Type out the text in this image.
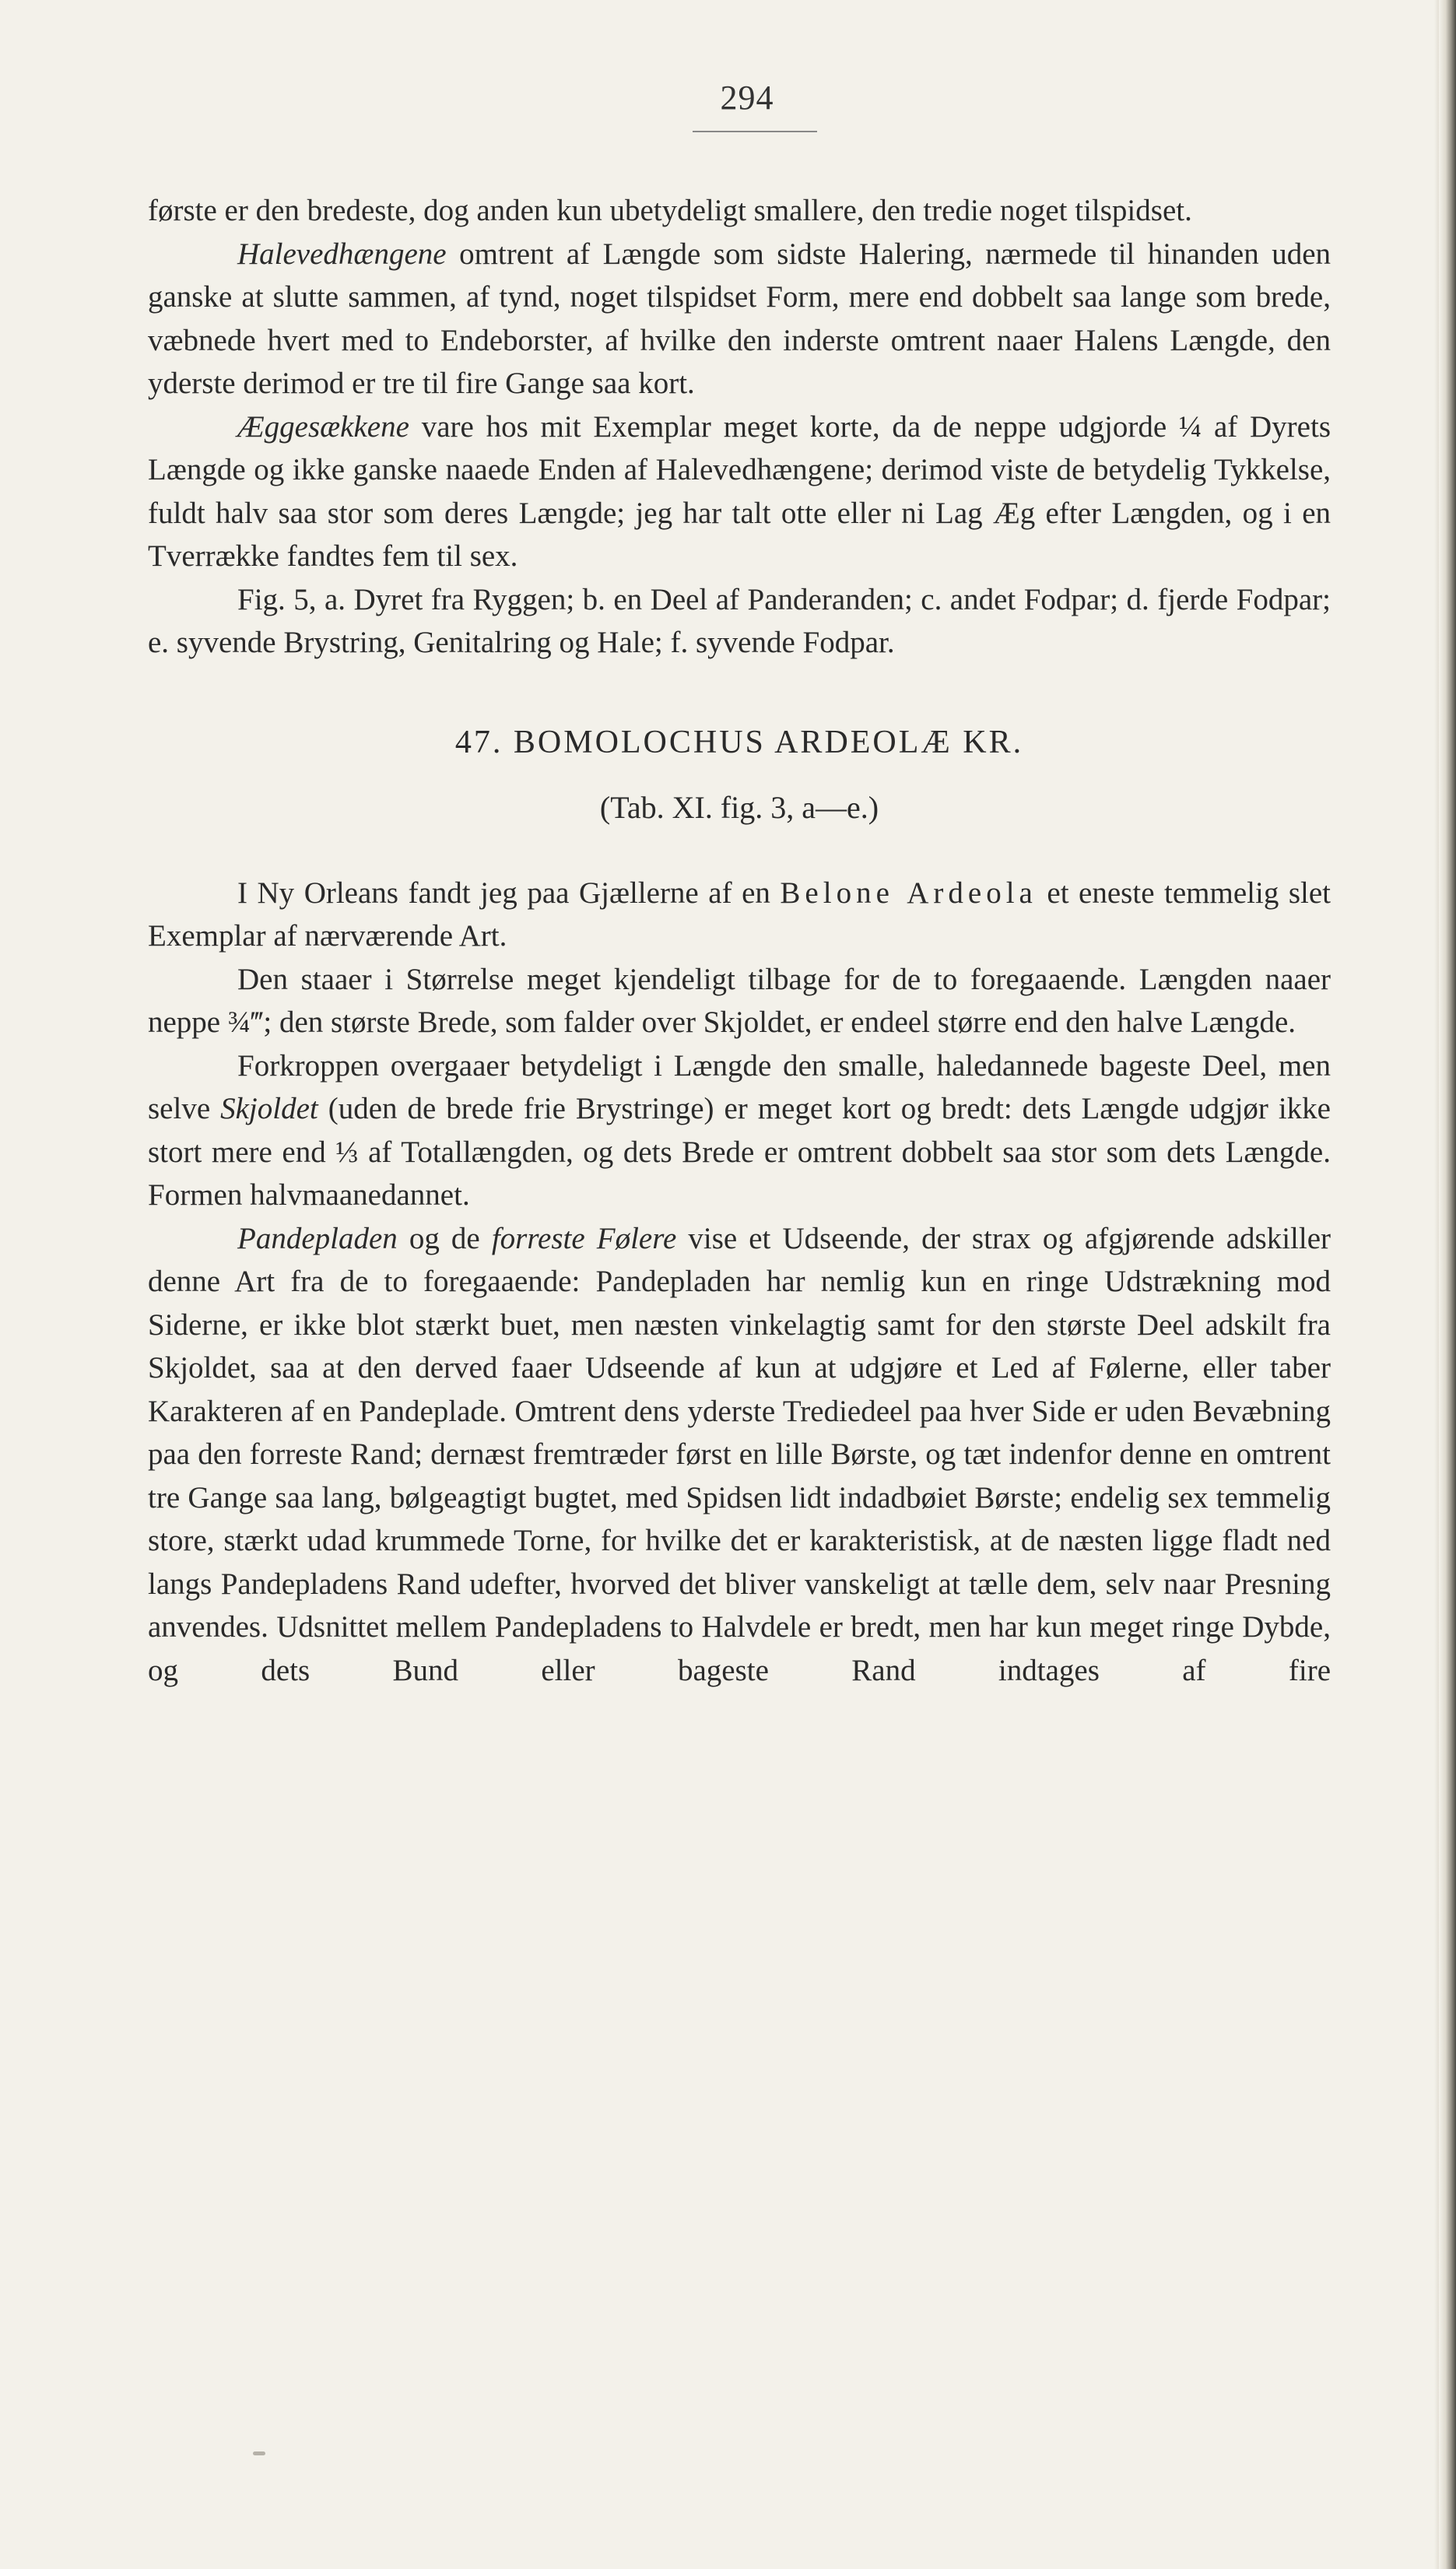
294

første er den bredeste, dog anden kun ubetydeligt smallere, den tredie noget tilspidset.

Halevedhængene omtrent af Længde som sidste Halering, nærmede til hinanden uden ganske at slutte sammen, af tynd, noget tilspidset Form, mere end dobbelt saa lange som brede, væbnede hvert med to Endeborster, af hvilke den inderste omtrent naaer Halens Længde, den yderste derimod er tre til fire Gange saa kort.

Æggesækkene vare hos mit Exemplar meget korte, da de neppe udgjorde ¼ af Dyrets Længde og ikke ganske naaede Enden af Halevedhængene; derimod viste de betydelig Tykkelse, fuldt halv saa stor som deres Længde; jeg har talt otte eller ni Lag Æg efter Længden, og i en Tverrække fandtes fem til sex.

Fig. 5, a. Dyret fra Ryggen; b. en Deel af Panderanden; c. andet Fodpar; d. fjerde Fodpar; e. syvende Brystring, Genitalring og Hale; f. syvende Fodpar.

47. BOMOLOCHUS ARDEOLÆ KR.

(Tab. XI. fig. 3, a—e.)

I Ny Orleans fandt jeg paa Gjællerne af en Belone Ardeola et eneste temmelig slet Exemplar af nærværende Art.

Den staaer i Størrelse meget kjendeligt tilbage for de to foregaaende. Længden naaer neppe ¾‴; den største Brede, som falder over Skjoldet, er endeel større end den halve Længde.

Forkroppen overgaaer betydeligt i Længde den smalle, haledannede bageste Deel, men selve Skjoldet (uden de brede frie Brystringe) er meget kort og bredt: dets Længde udgjør ikke stort mere end ⅓ af Totallængden, og dets Brede er omtrent dobbelt saa stor som dets Længde. Formen halvmaanedannet.

Pandepladen og de forreste Følere vise et Udseende, der strax og afgjørende adskiller denne Art fra de to foregaaende: Pandepladen har nemlig kun en ringe Udstrækning mod Siderne, er ikke blot stærkt buet, men næsten vinkelagtig samt for den største Deel adskilt fra Skjoldet, saa at den derved faaer Udseende af kun at udgjøre et Led af Følerne, eller taber Karakteren af en Pandeplade. Omtrent dens yderste Trediedeel paa hver Side er uden Bevæbning paa den forreste Rand; dernæst fremtræder først en lille Børste, og tæt indenfor denne en omtrent tre Gange saa lang, bølgeagtigt bugtet, med Spidsen lidt indadbøiet Børste; endelig sex temmelig store, stærkt udad krummede Torne, for hvilke det er karakteristisk, at de næsten ligge fladt ned langs Pandepladens Rand udefter, hvorved det bliver vanskeligt at tælle dem, selv naar Presning anvendes. Udsnittet mellem Pandepladens to Halvdele er bredt, men har kun meget ringe Dybde, og dets Bund eller bageste Rand indtages af fire
